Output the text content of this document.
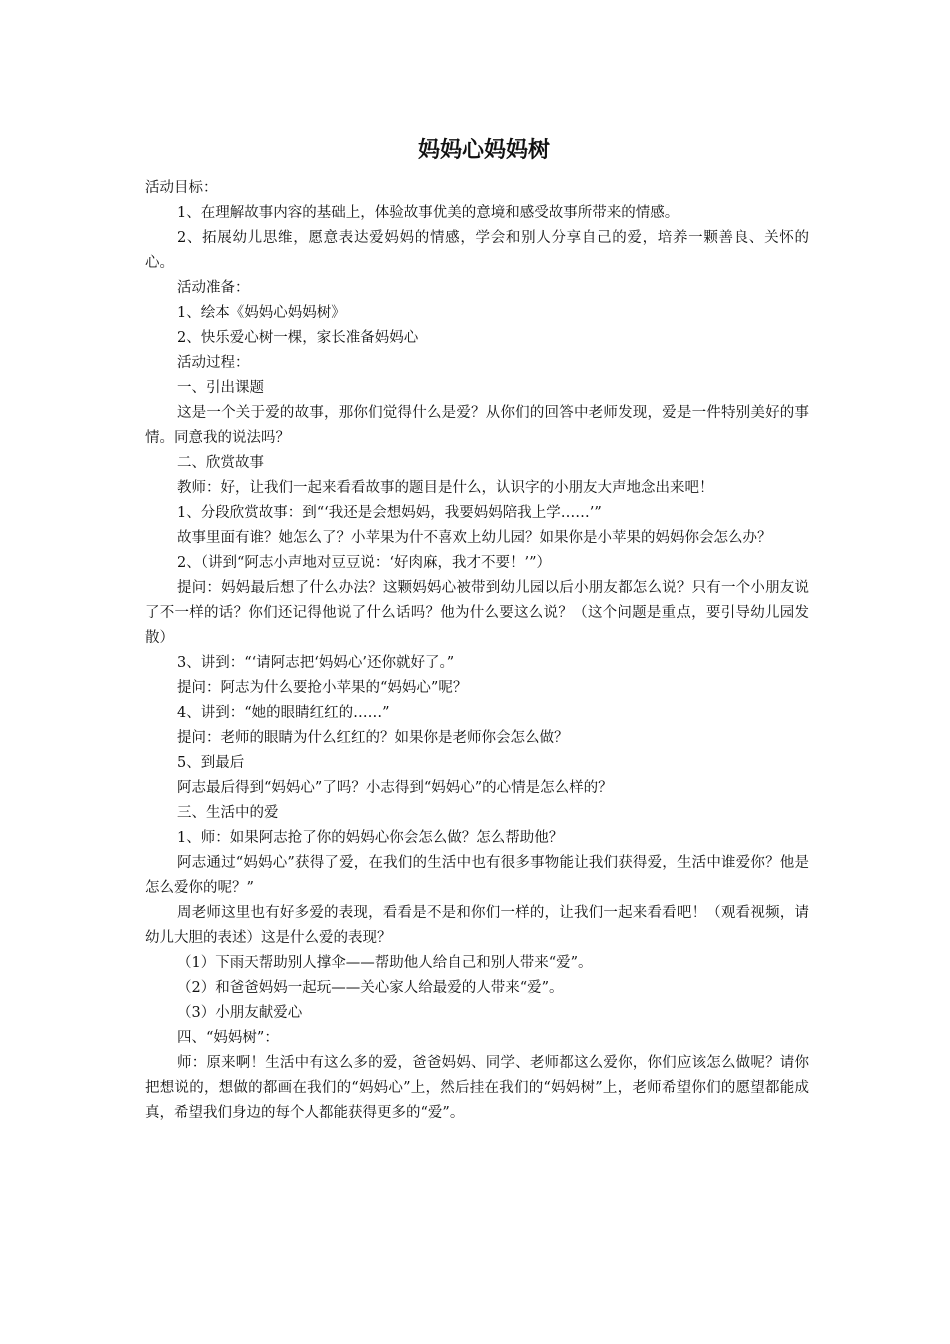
妈妈心妈妈树

活动目标：

1、在理解故事内容的基础上，体验故事优美的意境和感受故事所带来的情感。

2、拓展幼儿思维，愿意表达爱妈妈的情感，学会和别人分享自己的爱，培养一颗善良、关怀的心。

活动准备：

1、绘本《妈妈心妈妈树》

2、快乐爱心树一棵，家长准备妈妈心

活动过程：

一、引出课题

这是一个关于爱的故事，那你们觉得什么是爱？从你们的回答中老师发现，爱是一件特别美好的事情。同意我的说法吗？

二、欣赏故事

教师：好，让我们一起来看看故事的题目是什么，认识字的小朋友大声地念出来吧！

1、分段欣赏故事：到“‘我还是会想妈妈，我要妈妈陪我上学……’”

故事里面有谁？她怎么了？小苹果为什不喜欢上幼儿园？如果你是小苹果的妈妈你会怎么办？

2、（讲到“阿志小声地对豆豆说：‘好肉麻，我才不要！’”）

提问：妈妈最后想了什么办法？这颗妈妈心被带到幼儿园以后小朋友都怎么说？只有一个小朋友说了不一样的话？你们还记得他说了什么话吗？他为什么要这么说？（这个问题是重点，要引导幼儿园发散）

3、讲到：“‘请阿志把‘妈妈心’还你就好了。”

提问：阿志为什么要抢小苹果的“妈妈心”呢？

4、讲到：“她的眼睛红红的……”

提问：老师的眼睛为什么红红的？如果你是老师你会怎么做？

5、到最后

阿志最后得到“妈妈心”了吗？小志得到“妈妈心”的心情是怎么样的？

三、生活中的爱

1、师：如果阿志抢了你的妈妈心你会怎么做？怎么帮助他？

阿志通过“妈妈心”获得了爱，在我们的生活中也有很多事物能让我们获得爱，生活中谁爱你？他是怎么爱你的呢？”

周老师这里也有好多爱的表现，看看是不是和你们一样的，让我们一起来看看吧！（观看视频，请幼儿大胆的表述）这是什么爱的表现？

（1）下雨天帮助别人撑伞——帮助他人给自己和别人带来“爱”。

（2）和爸爸妈妈一起玩——关心家人给最爱的人带来“爱”。

（3）小朋友献爱心

四、“妈妈树”：

师：原来啊！生活中有这么多的爱，爸爸妈妈、同学、老师都这么爱你，你们应该怎么做呢？请你把想说的，想做的都画在我们的“妈妈心”上，然后挂在我们的“妈妈树”上，老师希望你们的愿望都能成真，希望我们身边的每个人都能获得更多的“爱”。
